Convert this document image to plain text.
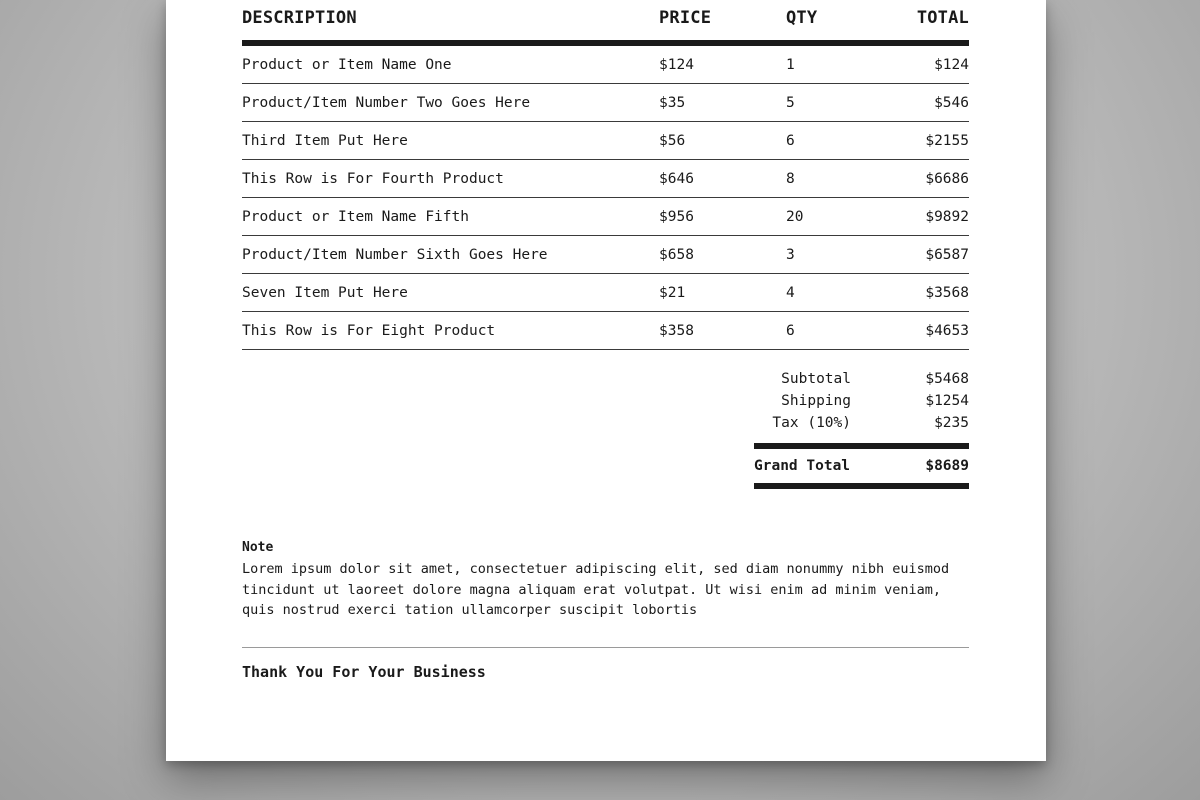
DESCRIPTION	PRICE	QTY	TOTAL
Product or Item Name One	$124	1	$124
Product/Item Number Two Goes Here	$35	5	$546
Third Item Put Here	$56	6	$2155
This Row is For Fourth Product	$646	8	$6686
Product or Item Name Fifth	$956	20	$9892
Product/Item Number Sixth Goes Here	$658	3	$6587
Seven Item Put Here	$21	4	$3568
This Row is For Eight Product	$358	6	$4653
Subtotal	$5468
Shipping	$1254
Tax (10%)	$235
Grand Total	$8689
Note
Lorem ipsum dolor sit amet, consectetuer adipiscing elit, sed diam nonummy nibh euismod
tincidunt ut laoreet dolore magna aliquam erat volutpat. Ut wisi enim ad minim veniam,
quis nostrud exerci tation ullamcorper suscipit lobortis
Thank You For Your Business
